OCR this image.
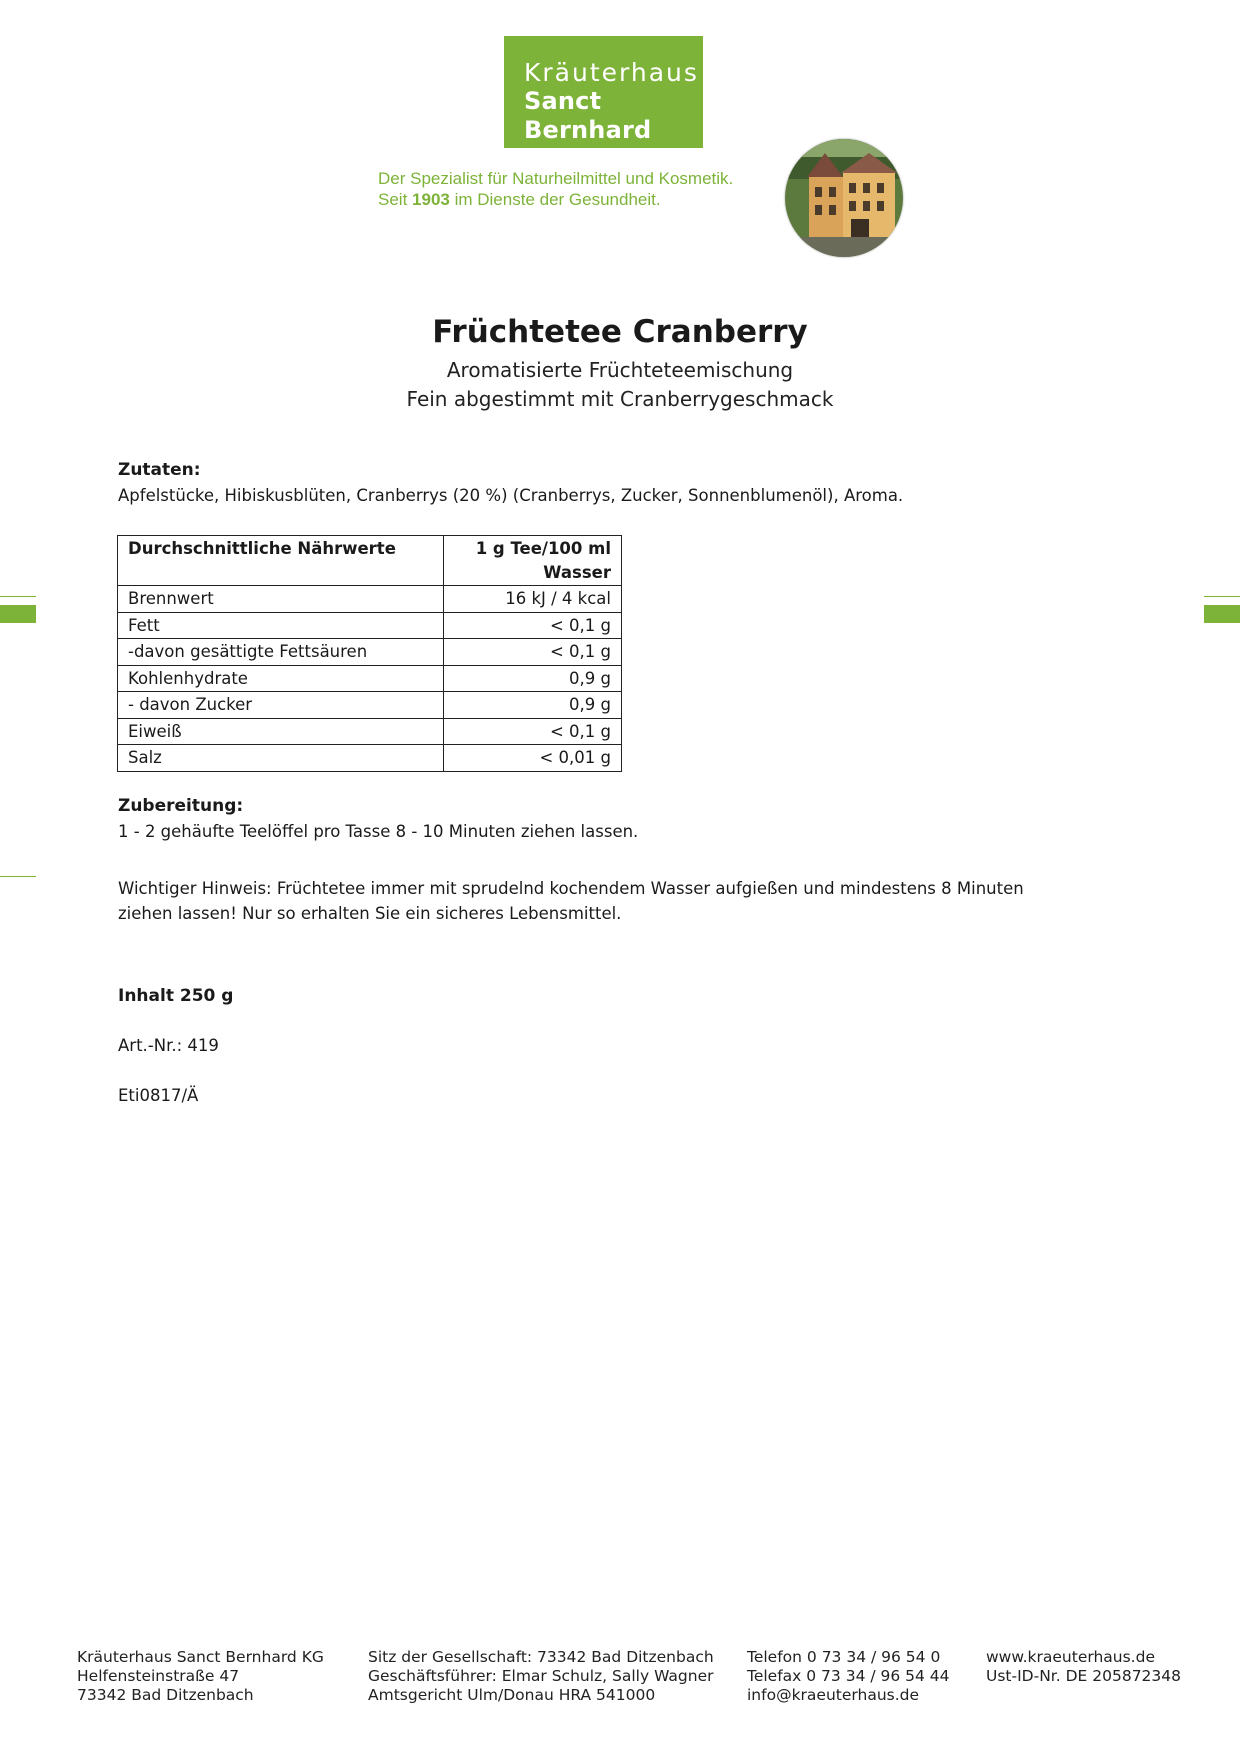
Kräuterhaus
Sanct Bernhard
Der Spezialist für Naturheilmittel und Kosmetik.
Seit 1903 im Dienste der Gesundheit.
Früchtetee Cranberry
Aromatisierte Früchteteemischung
Fein abgestimmt mit Cranberrygeschmack
Zutaten:
Apfelstücke, Hibiskusblüten, Cranberrys (20 %) (Cranberrys, Zucker, Sonnenblumenöl), Aroma.
Durchschnittliche Nährwerte	1 g Tee/100 ml
Wasser

Brennwert	16 kJ / 4 kcal
Fett	< 0,1 g
-davon gesättigte Fettsäuren	< 0,1 g
Kohlenhydrate	0,9 g
- davon Zucker	0,9 g
Eiweiß	< 0,1 g
Salz	< 0,01 g
Zubereitung:
1 - 2 gehäufte Teelöffel pro Tasse 8 - 10 Minuten ziehen lassen.
Wichtiger Hinweis: Früchtetee immer mit sprudelnd kochendem Wasser aufgießen und mindestens 8 Minuten
ziehen lassen! Nur so erhalten Sie ein sicheres Lebensmittel.
Inhalt 250 g
Art.-Nr.: 419
Eti0817/Ä
Kräuterhaus Sanct Bernhard KG
Helfensteinstraße 47
73342 Bad Ditzenbach
Sitz der Gesellschaft: 73342 Bad Ditzenbach
Geschäftsführer: Elmar Schulz, Sally Wagner
Amtsgericht Ulm/Donau HRA 541000
Telefon 0 73 34 / 96 54 0
Telefax 0 73 34 / 96 54 44
info@kraeuterhaus.de
www.kraeuterhaus.de
Ust-ID-Nr. DE 205872348
